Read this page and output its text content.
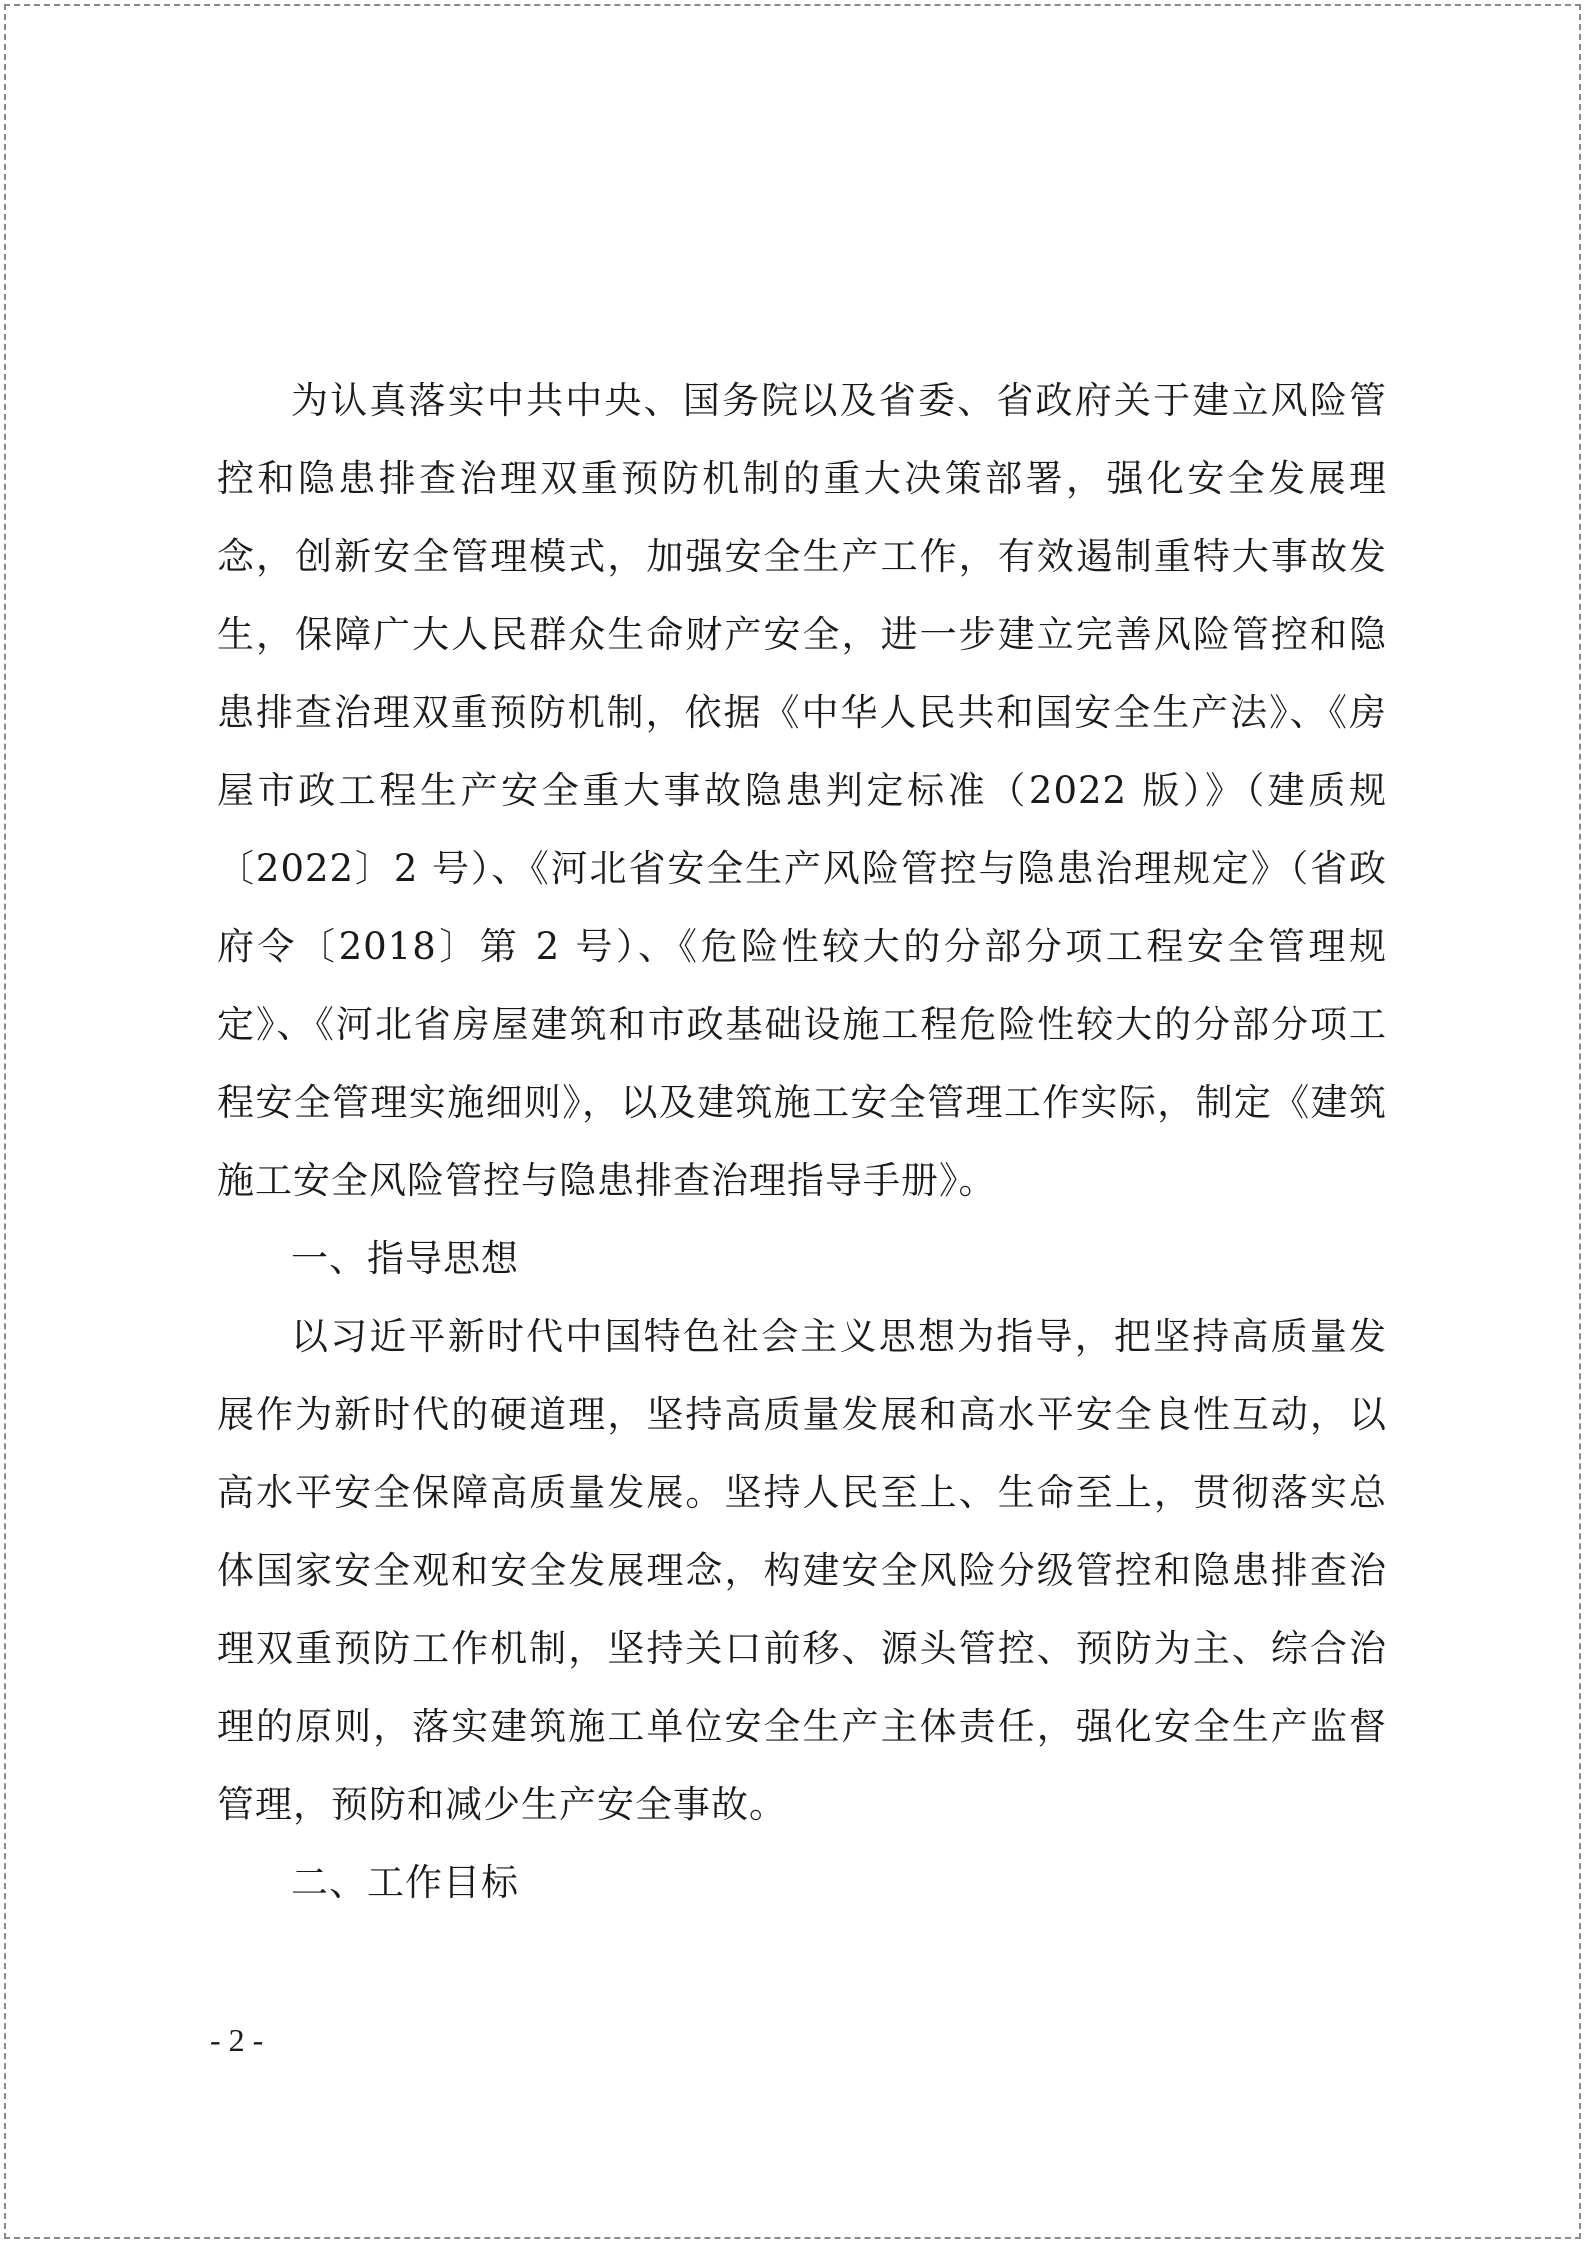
为认真落实中共中央、国务院以及省委、省政府关于建立风险管控和隐患排查治理双重预防机制的重大决策部署，强化安全发展理念，创新安全管理模式，加强安全生产工作，有效遏制重特大事故发生，保障广大人民群众生命财产安全，进一步建立完善风险管控和隐患排查治理双重预防机制，依据《中华人民共和国安全生产法》、《房屋市政工程生产安全重大事故隐患判定标准（2022 版）》（建质规〔2022〕2 号）、《河北省安全生产风险管控与隐患治理规定》（省政府令〔2018〕第 2 号）、《危险性较大的分部分项工程安全管理规定》、《河北省房屋建筑和市政基础设施工程危险性较大的分部分项工程安全管理实施细则》，以及建筑施工安全管理工作实际，制定《建筑施工安全风险管控与隐患排查治理指导手册》。

一、指导思想

以习近平新时代中国特色社会主义思想为指导，把坚持高质量发展作为新时代的硬道理，坚持高质量发展和高水平安全良性互动，以高水平安全保障高质量发展。坚持人民至上、生命至上，贯彻落实总体国家安全观和安全发展理念，构建安全风险分级管控和隐患排查治理双重预防工作机制，坚持关口前移、源头管控、预防为主、综合治理的原则，落实建筑施工单位安全生产主体责任，强化安全生产监督管理，预防和减少生产安全事故。

二、工作目标

- 2 -
